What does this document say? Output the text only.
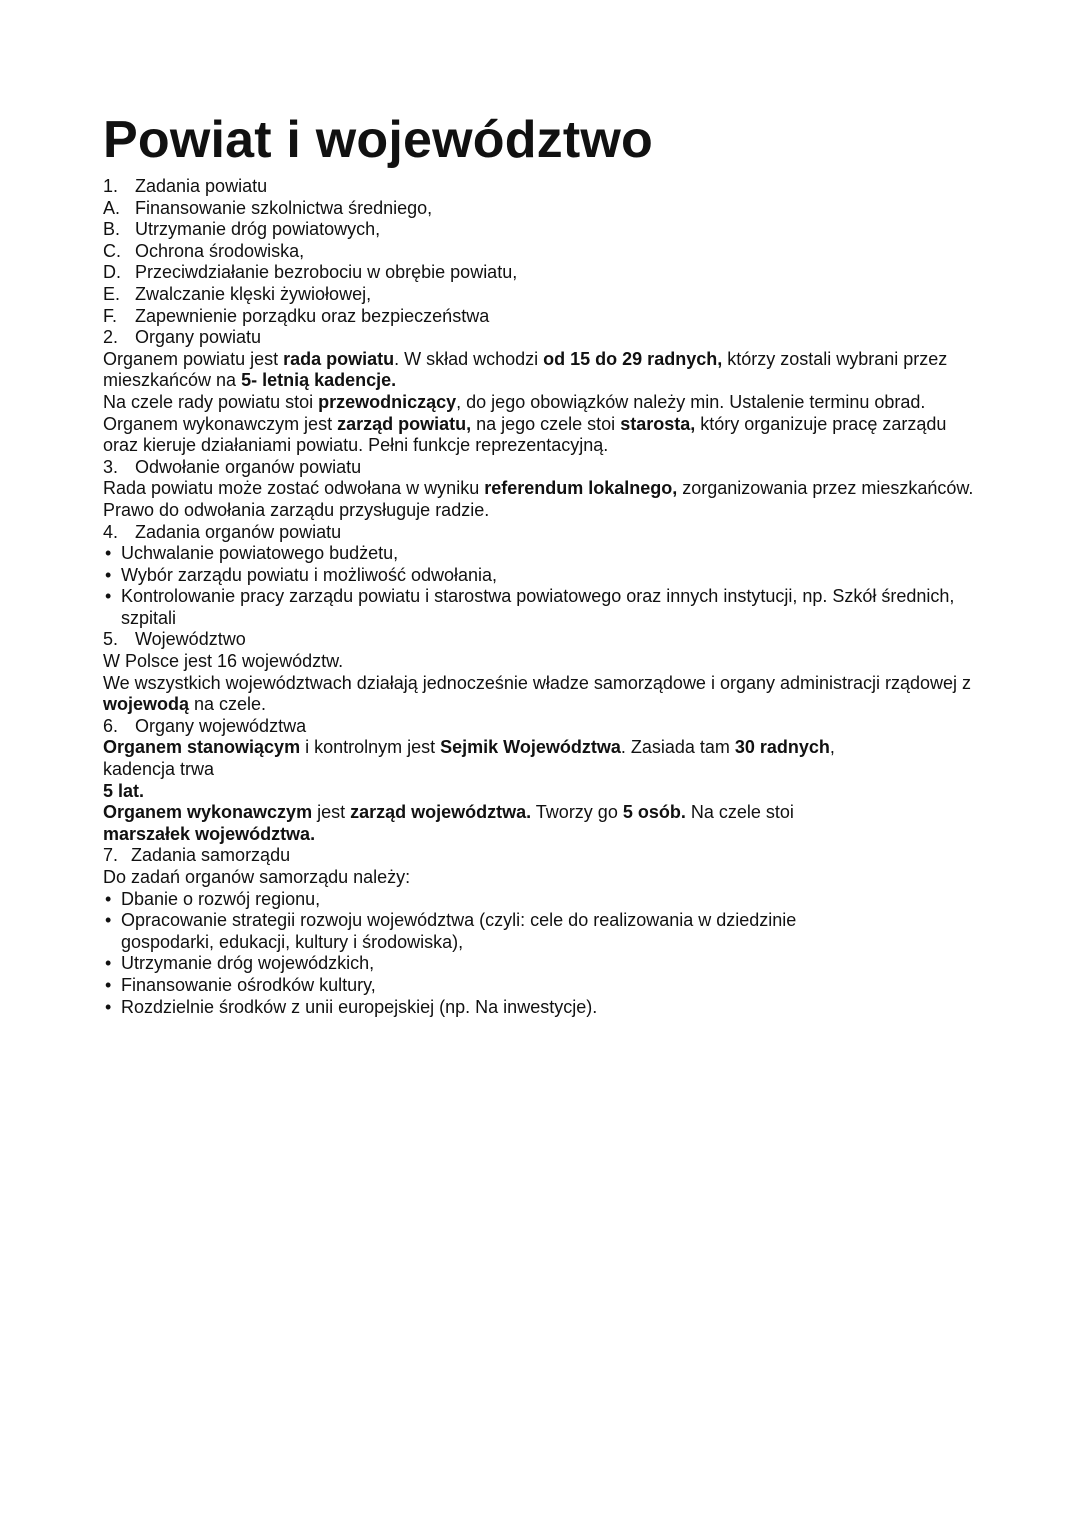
Powiat i województwo
1. Zadania powiatu
A. Finansowanie szkolnictwa średniego,
B. Utrzymanie dróg powiatowych,
C. Ochrona środowiska,
D. Przeciwdziałanie bezrobociu w obrębie powiatu,
E. Zwalczanie klęski żywiołowej,
F. Zapewnienie porządku oraz bezpieczeństwa
2. Organy powiatu

Organem powiatu jest rada powiatu. W skład wchodzi od 15 do 29 radnych, którzy zostali wybrani przez mieszkańców na 5- letnią kadencje.

Na czele rady powiatu stoi przewodniczący, do jego obowiązków należy min. Ustalenie terminu obrad. Organem wykonawczym jest zarząd powiatu, na jego czele stoi starosta, który organizuje pracę zarządu oraz kieruje działaniami powiatu. Pełni funkcje reprezentacyjną.

3. Odwołanie organów powiatu

Rada powiatu może zostać odwołana w wyniku referendum lokalnego, zorganizowania przez mieszkańców. Prawo do odwołania zarządu przysługuje radzie.

4. Zadania organów powiatu
• Uchwalanie powiatowego budżetu,
• Wybór zarządu powiatu i możliwość odwołania,
• Kontrolowanie pracy zarządu powiatu i starostwa powiatowego oraz innych instytucji, np. Szkół średnich, szpitali
5. Województwo

W Polsce jest 16 województw.

We wszystkich województwach działają jednocześnie władze samorządowe i organy administracji rządowej z wojewodą na czele.

6. Organy województwa

Organem stanowiącym i kontrolnym jest Sejmik Województwa. Zasiada tam 30 radnych,
kadencja trwa
5 lat.

Organem wykonawczym jest zarząd województwa. Tworzy go 5 osób. Na czele stoi
marszałek województwa.

7. Zadania samorządu

Do zadań organów samorządu należy:

• Dbanie o rozwój regionu,
• Opracowanie strategii rozwoju województwa (czyli: cele do realizowania w dziedzinie gospodarki, edukacji, kultury i środowiska),
• Utrzymanie dróg wojewódzkich,
• Finansowanie ośrodków kultury,
• Rozdzielnie środków z unii europejskiej (np. Na inwestycje).
